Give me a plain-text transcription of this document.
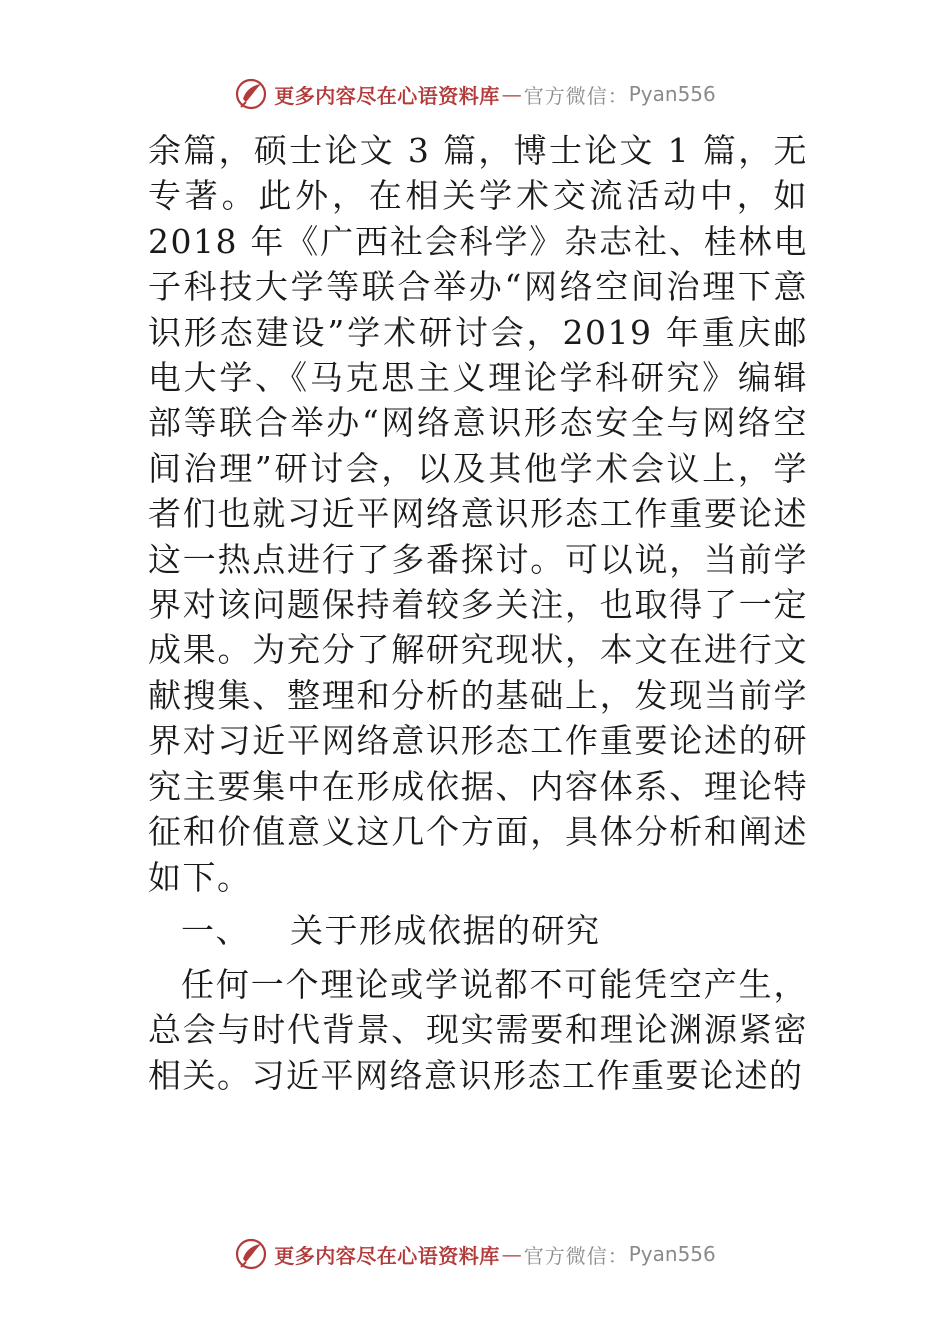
更多内容尽在心语资料库 — 官方微信： Pyan556

余篇，硕士论文 3 篇，博士论文 1 篇，无专著。此外，在相关学术交流活动中，如 2018 年《广西社会科学》杂志社、桂林电子科技大学等联合举办“网络空间治理下意识形态建设”学术研讨会，2019 年重庆邮电大学、《马克思主义理论学科研究》编辑部等联合举办“网络意识形态安全与网络空间治理”研讨会，以及其他学术会议上，学者们也就习近平网络意识形态工作重要论述这一热点进行了多番探讨。可以说，当前学界对该问题保持着较多关注，也取得了一定成果。为充分了解研究现状，本文在进行文献搜集、整理和分析的基础上，发现当前学界对习近平网络意识形态工作重要论述的研究主要集中在形成依据、内容体系、理论特征和价值意义这几个方面，具体分析和阐述如下。

一、 关于形成依据的研究

任何一个理论或学说都不可能凭空产生，总会与时代背景、现实需要和理论渊源紧密相关。习近平网络意识形态工作重要论述的

更多内容尽在心语资料库 — 官方微信： Pyan556
